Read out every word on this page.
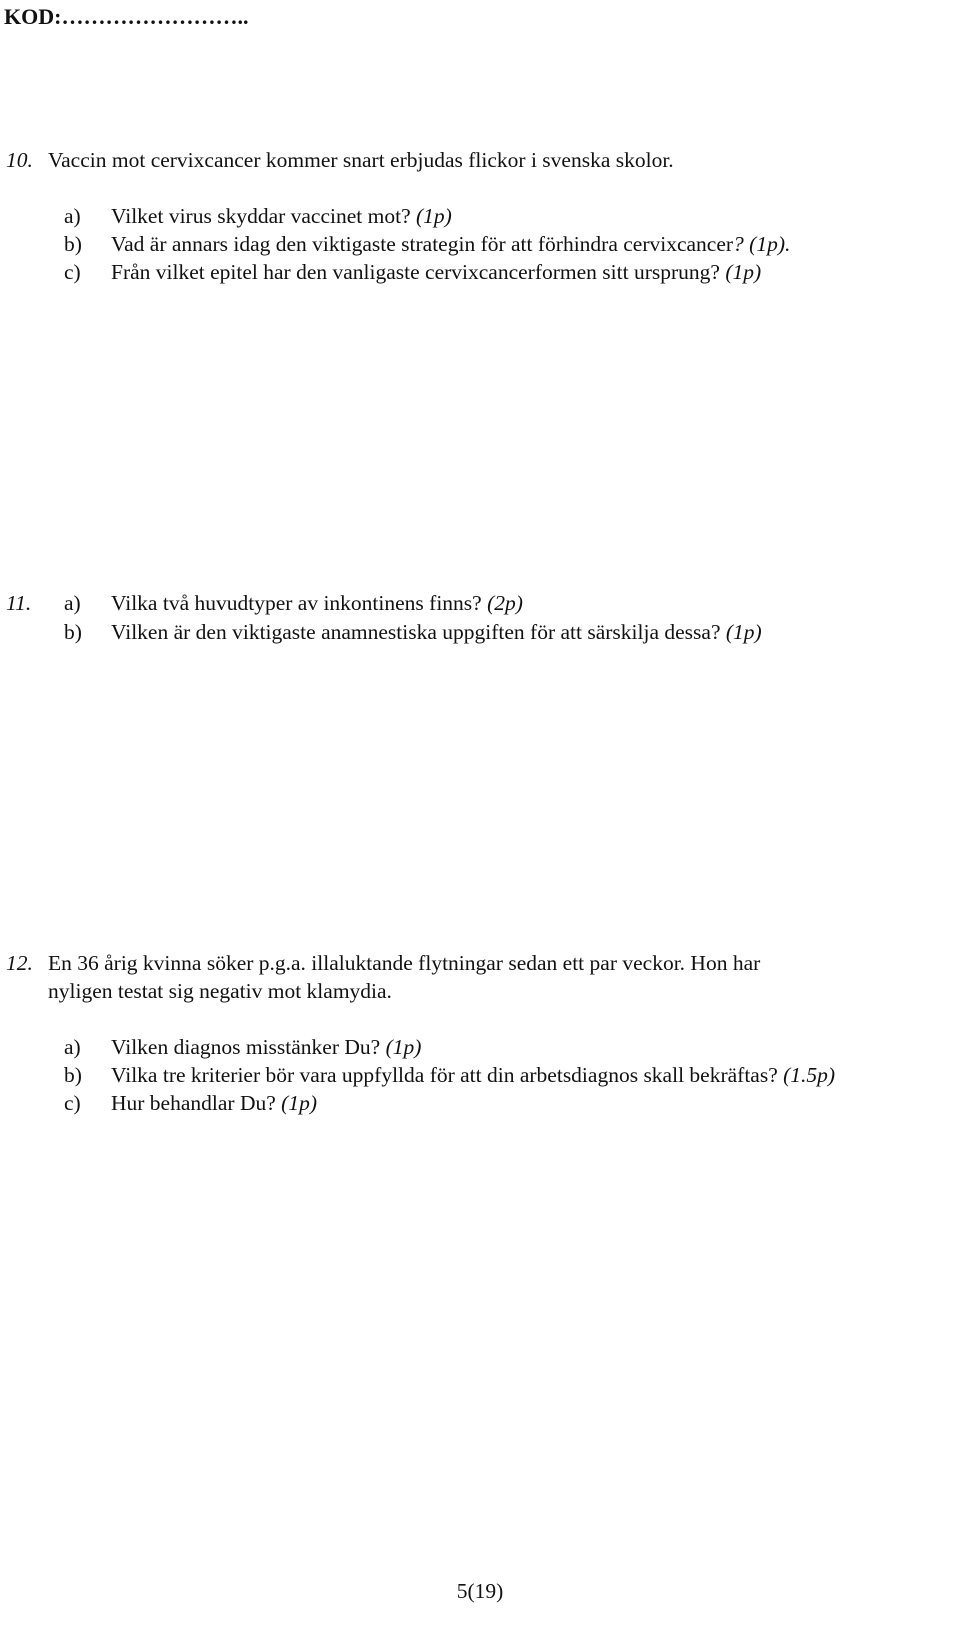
KOD:……………………..
10. Vaccin mot cervixcancer kommer snart erbjudas flickor i svenska skolor.
a) Vilket virus skyddar vaccinet mot? (1p)
b) Vad är annars idag den viktigaste strategin för att förhindra cervixcancer? (1p).
c) Från vilket epitel har den vanligaste cervixcancerformen sitt ursprung? (1p)
11. a) Vilka två huvudtyper av inkontinens finns? (2p)
b) Vilken är den viktigaste anamnestiska uppgiften för att särskilja dessa? (1p)
12. En 36 årig kvinna söker p.g.a. illaluktande flytningar sedan ett par veckor. Hon har
nyligen testat sig negativ mot klamydia.
a) Vilken diagnos misstänker Du? (1p)
b) Vilka tre kriterier bör vara uppfyllda för att din arbetsdiagnos skall bekräftas? (1.5p)
c) Hur behandlar Du? (1p)
5(19)
